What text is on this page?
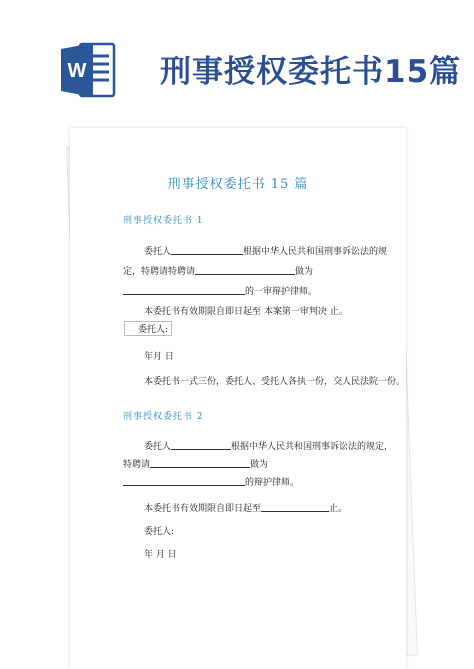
W 刑事授权委托书15篇
刑事授权委托书 15 篇
刑事授权委托书 1
委托人	根据中华人民共和国刑事诉讼法的规
定，特聘请特聘请	做为
的一审辩护律师。
本委托书有效期限自即日起至 本案第一审判决 止。
委托人:
年月 日
本委托书一式三份，委托人、受托人各执一份，交人民法院一份。
刑事授权委托书 2
委托人	根据中华人民共和国刑事诉讼法的规定，
特聘请	做为
的辩护律师。
本委托书有效期限自即日起至	止。
委托人:
年 月 日
